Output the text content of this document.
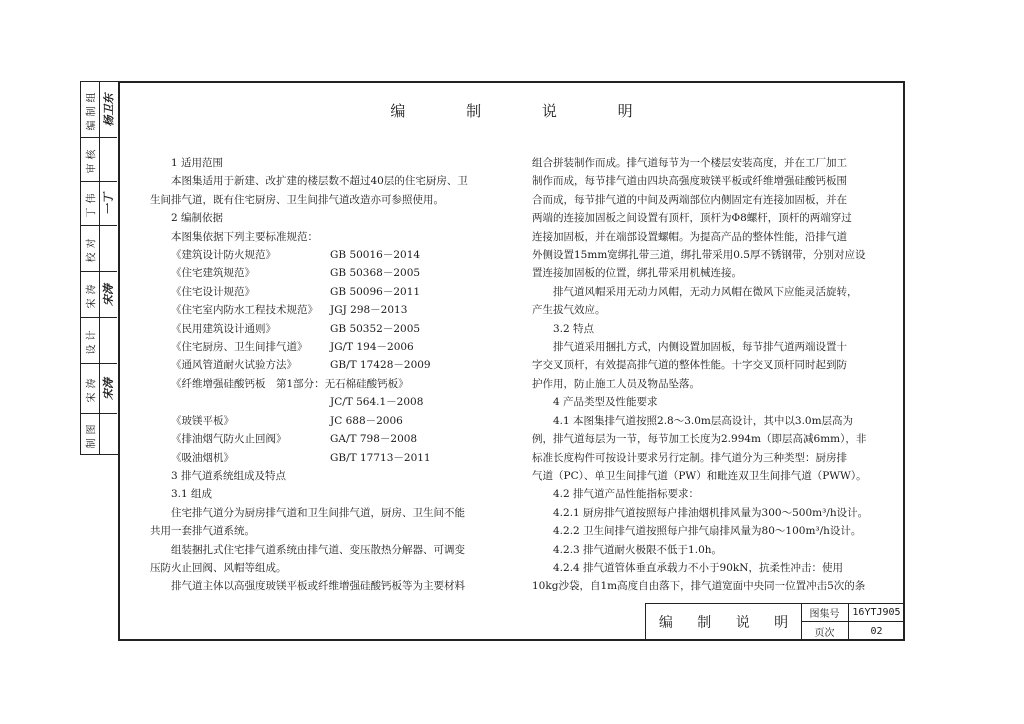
编制组 杨卫东
审核
丁伟 一丁
校对
宋涛 宋涛
设计
宋涛 宋涛
制图
编 制 说 明
1 适用范围
本图集适用于新建、改扩建的楼层数不超过40层的住宅厨房、卫
生间排气道，既有住宅厨房、卫生间排气道改造亦可参照使用。
2 编制依据
本图集依据下列主要标准规范：
《建筑设计防火规范》	GB 50016－2014
《住宅建筑规范》	GB 50368－2005
《住宅设计规范》	GB 50096－2011
《住宅室内防水工程技术规范》	JGJ 298－2013
《民用建筑设计通则》	GB 50352－2005
《住宅厨房、卫生间排气道》	JG/T 194－2006
《通风管道耐火试验方法》	GB/T 17428－2009
《纤维增强硅酸钙板　第1部分：无石棉硅酸钙板》
JC/T 564.1－2008
《玻镁平板》	JC 688－2006
《排油烟气防火止回阀》	GA/T 798－2008
《吸油烟机》	GB/T 17713－2011
3 排气道系统组成及特点
3.1 组成
住宅排气道分为厨房排气道和卫生间排气道，厨房、卫生间不能
共用一套排气道系统。
组装捆扎式住宅排气道系统由排气道、变压散热分解器、可调变
压防火止回阀、风帽等组成。
排气道主体以高强度玻镁平板或纤维增强硅酸钙板等为主要材料
组合拼装制作而成。排气道每节为一个楼层安装高度，并在工厂加工
制作而成，每节排气道由四块高强度玻镁平板或纤维增强硅酸钙板围
合而成，每节排气道的中间及两端部位内侧固定有连接加固板，并在
两端的连接加固板之间设置有顶杆，顶杆为Φ8螺杆，顶杆的两端穿过
连接加固板，并在端部设置螺帽。为提高产品的整体性能，沿排气道
外侧设置15mm宽绑扎带三道，绑扎带采用0.5厚不锈钢带，分别对应设
置连接加固板的位置，绑扎带采用机械连接。
排气道风帽采用无动力风帽，无动力风帽在微风下应能灵活旋转，
产生拔气效应。
3.2 特点
排气道采用捆扎方式，内侧设置加固板，每节排气道两端设置十
字交叉顶杆，有效提高排气道的整体性能。十字交叉顶杆同时起到防
护作用，防止施工人员及物品坠落。
4 产品类型及性能要求
4.1 本图集排气道按照2.8～3.0m层高设计，其中以3.0m层高为
例，排气道每层为一节，每节加工长度为2.994m（即层高减6mm），非
标准长度构件可按设计要求另行定制。排气道分为三种类型：厨房排
气道（PC）、单卫生间排气道（PW）和毗连双卫生间排气道（PWW）。
4.2 排气道产品性能指标要求：
4.2.1 厨房排气道按照每户排油烟机排风量为300～500m³/h设计。
4.2.2 卫生间排气道按照每户排气扇排风量为80～100m³/h设计。
4.2.3 排气道耐火极限不低于1.0h。
4.2.4 排气道管体垂直承载力不小于90kN，抗柔性冲击：使用
10kg沙袋，自1m高度自由落下，排气道宽面中央同一位置冲击5次的条
编 制 说 明
图集号	16YTJ905
页次	02
